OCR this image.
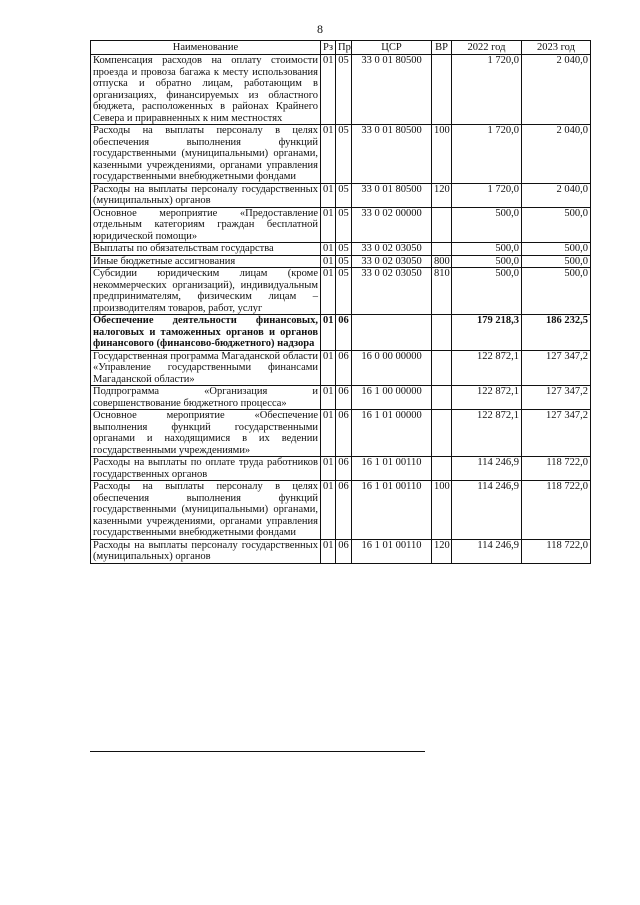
8
Наименование	Рз	Пр	ЦСР	ВР	2022 год	2023 год
Компенсация расходов на оплату стоимости проезда и провоза багажа к месту использования отпуска и обратно лицам, работающим в организациях, финансируемых из областного бюджета, расположенных в районах Крайнего Севера и приравненных к ним местностях	01	05	33 0 01 80500		1 720,0	2 040,0
Расходы на выплаты персоналу в целях обеспечения выполнения функций государственными (муниципальными) органами, казенными учреждениями, органами управления государственными внебюджетными фондами	01	05	33 0 01 80500	100	1 720,0	2 040,0
Расходы на выплаты персоналу государственных (муниципальных) органов	01	05	33 0 01 80500	120	1 720,0	2 040,0
Основное мероприятие «Предоставление отдельным категориям граждан бесплатной юридической помощи»	01	05	33 0 02 00000		500,0	500,0
Выплаты по обязательствам государства	01	05	33 0 02 03050		500,0	500,0
Иные бюджетные ассигнования	01	05	33 0 02 03050	800	500,0	500,0
Субсидии юридическим лицам (кроме некоммерческих организаций), индивидуальным предпринимателям, физическим лицам – производителям товаров, работ, услуг	01	05	33 0 02 03050	810	500,0	500,0
Обеспечение деятельности финансовых, налоговых и таможенных органов и органов финансового (финансово-бюджетного) надзора	01	06			179 218,3	186 232,5
Государственная программа Магаданской области «Управление государственными финансами Магаданской области»	01	06	16 0 00 00000		122 872,1	127 347,2
Подпрограмма «Организация и совершенствование бюджетного процесса»	01	06	16 1 00 00000		122 872,1	127 347,2
Основное мероприятие «Обеспечение выполнения функций государственными органами и находящимися в их ведении государственными учреждениями»	01	06	16 1 01 00000		122 872,1	127 347,2
Расходы на выплаты по оплате труда работников государственных органов	01	06	16 1 01 00110		114 246,9	118 722,0
Расходы на выплаты персоналу в целях обеспечения выполнения функций государственными (муниципальными) органами, казенными учреждениями, органами управления государственными внебюджетными фондами	01	06	16 1 01 00110	100	114 246,9	118 722,0
Расходы на выплаты персоналу государственных (муниципальных) органов	01	06	16 1 01 00110	120	114 246,9	118 722,0
